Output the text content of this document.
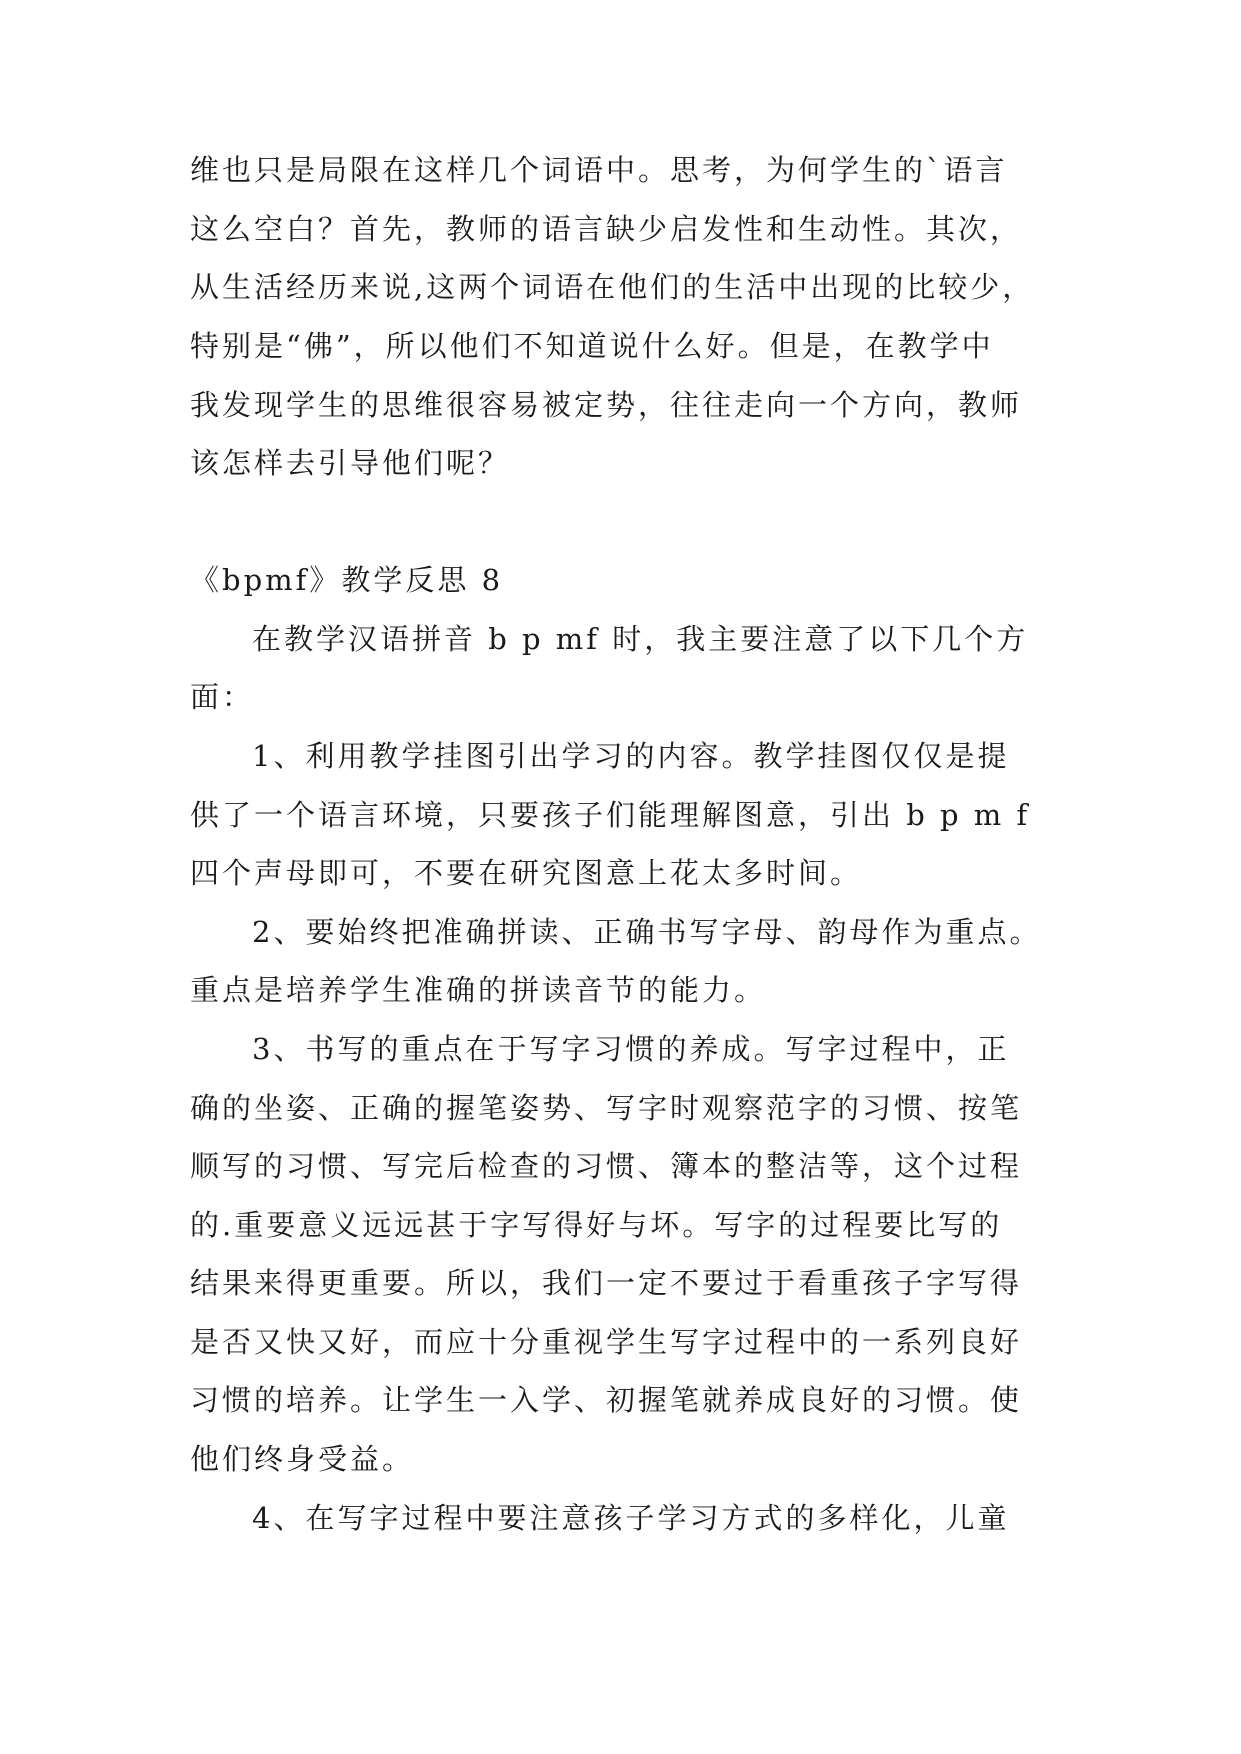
维也只是局限在这样几个词语中。思考，为何学生的`语言
这么空白？首先，教师的语言缺少启发性和生动性。其次，
从生活经历来说,这两个词语在他们的生活中出现的比较少，
特别是“佛”，所以他们不知道说什么好。但是，在教学中
我发现学生的思维很容易被定势，往往走向一个方向，教师
该怎样去引导他们呢？
《bpmf》教学反思 8
在教学汉语拼音 b p mf 时，我主要注意了以下几个方
面：
1、利用教学挂图引出学习的内容。教学挂图仅仅是提
供了一个语言环境，只要孩子们能理解图意，引出 b p m f
四个声母即可，不要在研究图意上花太多时间。
2、要始终把准确拼读、正确书写字母、韵母作为重点。
重点是培养学生准确的拼读音节的能力。
3、书写的重点在于写字习惯的养成。写字过程中，正
确的坐姿、正确的握笔姿势、写字时观察范字的习惯、按笔
顺写的习惯、写完后检查的习惯、簿本的整洁等，这个过程
的.重要意义远远甚于字写得好与坏。写字的过程要比写的
结果来得更重要。所以，我们一定不要过于看重孩子字写得
是否又快又好，而应十分重视学生写字过程中的一系列良好
习惯的培养。让学生一入学、初握笔就养成良好的习惯。使
他们终身受益。
4、在写字过程中要注意孩子学习方式的多样化，儿童
